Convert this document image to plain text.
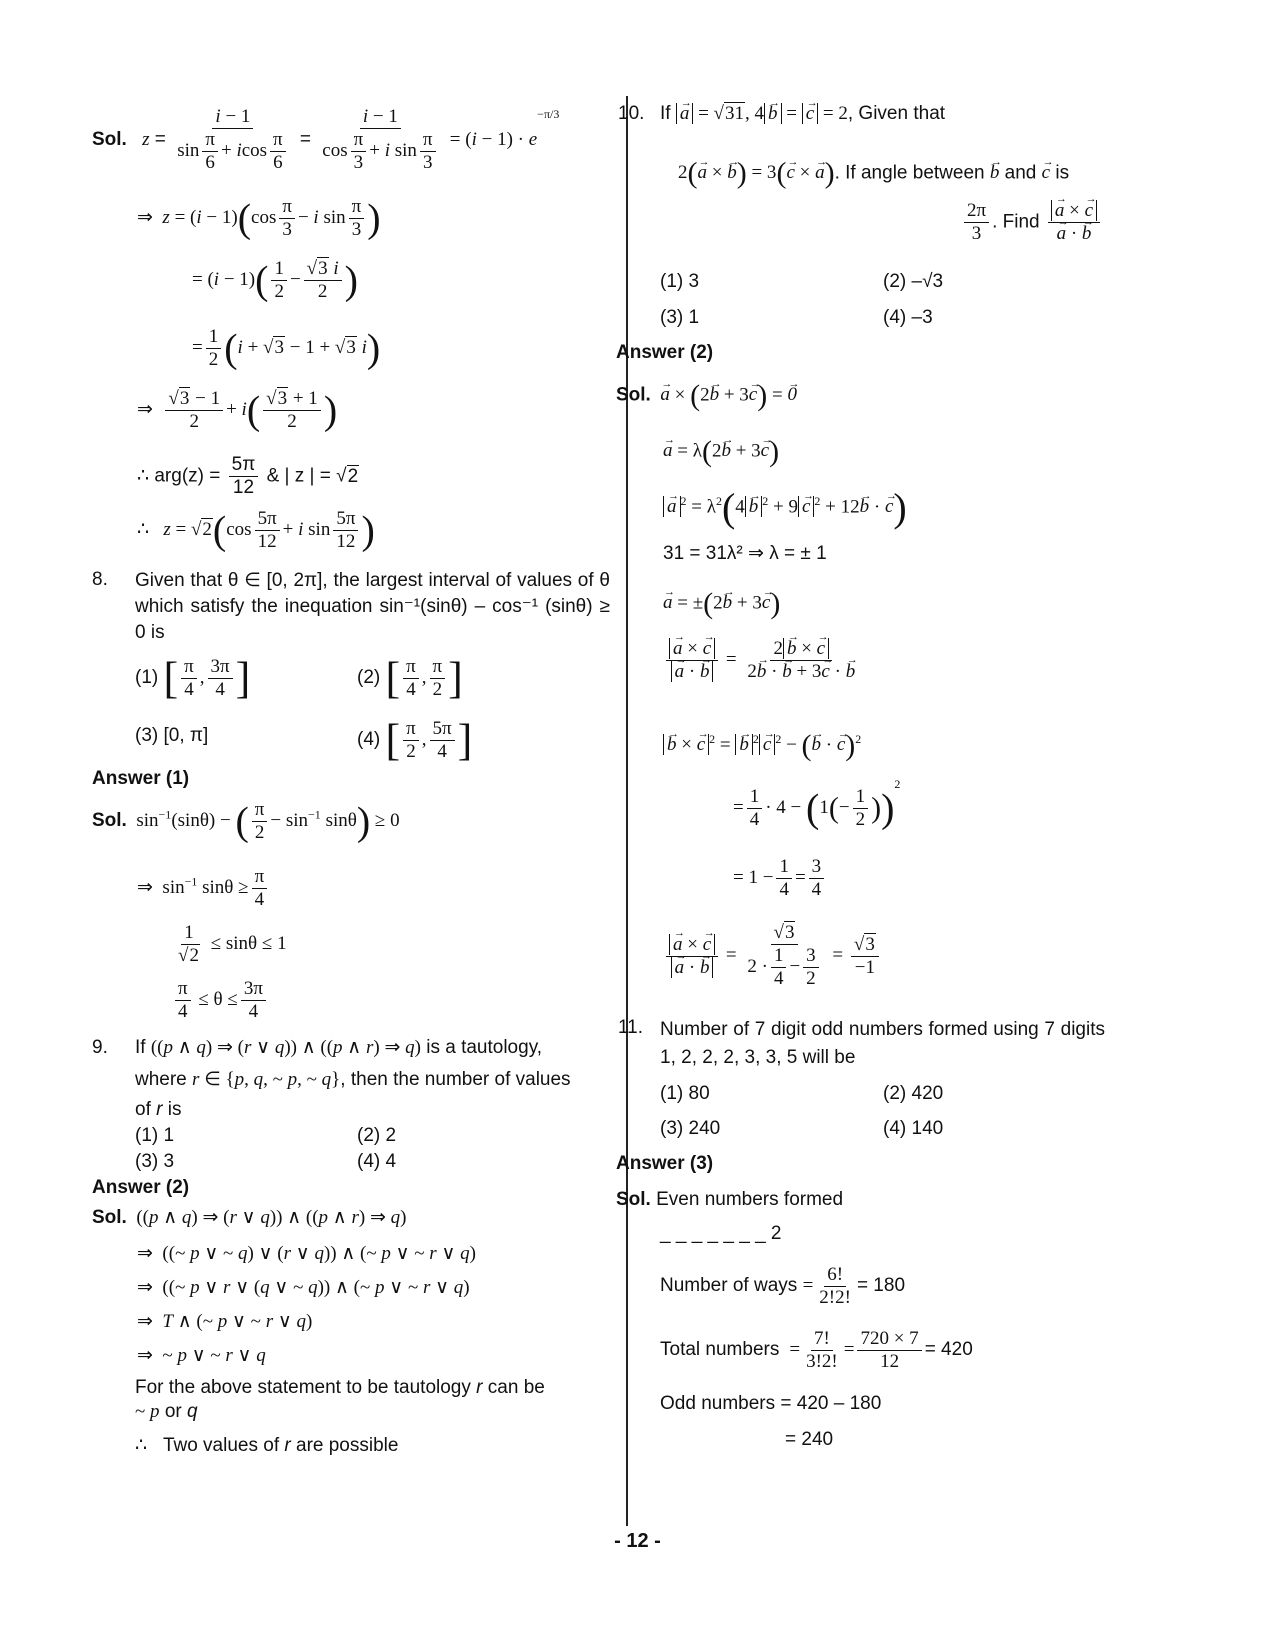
Sol. $z = \frac{i - 1}{\sin \frac{\pi}{6} + icos \frac{\pi}{6}} = \frac{i - 1}{\cos \frac{\pi}{3} + i \sin \frac{\pi}{3}} = (i - 1) \cdot e^{-\pi/3}$
⇒  $z = (i - 1)(\cos \frac{\pi}{3} - i$ $\sin \frac{\pi}{3}$ )
= $(i - 1)( \frac{1}{2} - \frac{√3 i}{2}$ )
= $\frac{1}{2} (i + √3 - 1 + √3$ i)
⇒ $\frac{√3 - 1}{2} + i( \frac{√3 + 1}{2}$ )
∴ $arg(z) = \frac{5\pi}{12}$ & | z | = √2
∴   $z = √2(\cos \frac{5\pi}{12} + i$ $\sin \frac{5\pi}{12}$ )
8. Given that θ ∈ [0, 2π], the largest interval of values of θ which satisfy the inequation sin⁻¹(sinθ) – cos⁻¹ (sinθ) ≥ 0 is
(1) [ $\frac{\pi}{4}$ , $\frac{3\pi}{4}$ ]	(2) [ $\frac{\pi}{4}$ , $\frac{\pi}{2}$ ]
(3) [0, π]	(4) [ $\frac{\pi}{2}$ , $\frac{5\pi}{4}$ ]
Answer (1)
Sol.  $\sin^{-1}(\sin\theta)$ − ( $\frac{\pi}{2} - \sin^{-1} \sin\theta) \ge 0$
⇒  $\sin^{-1} \sin\theta \ge \frac{\pi}{4}$
$\frac{1}{√2} \le \sin\theta \le 1$
$\frac{\pi}{4} \le \theta \le \frac{3\pi}{4}$
9. If ((p ∧ q) ⇒ (r ∨ q)) ∧ ((p ∧ r) ⇒ q) is a tautology,
where r ∈ {p, q, ~ p, ~ q}, then the number of values
of r is
(1) 1	(2) 2
(3) 3	(4) 4
Answer (2)
Sol.  ((p ∧ q) ⇒ (r ∨ q)) ∧ ((p ∧ r) ⇒ q)
⇒  ((~ p ∨ ~ q) ∨ (r ∨ q)) ∧ (~ p ∨ ~ r ∨ q)
⇒  ((~ p ∨ r ∨ (q ∨ ~ q)) ∧ (~ p ∨ ~ r ∨ q)
⇒  T ∧ (~ p ∨ ~ r ∨ q)
⇒  ~ p ∨ ~ r ∨ q
For the above statement to be tautology r can be
~ p or q
∴   Two values of r are possible
10. If a → = √31, 4 b → = c → = 2, Given that
2(a → × b →) = 3(c → × a →). If angle between b → and c → is
$\frac{2\pi}{3}$ . Find $\frac{a \to \times c \to}{a \to \cdot b}$ →
(1) 3	(2) –√3
(3) 1	(4) –3
Answer (2)
Sol. a → × (2b → + 3c →) = 0 →
a → = λ(2b → + 3c →)
$a \to ^2 = \lambda^2(4$ b → $^2$ + 9 c → $^2$ + 12b → · c →)
31 = 31λ² ⇒ λ = ± 1
a → = ±(2b → + 3c →)
$\frac{a \to \times c \to}{a \to \cdot b}$ → = $\frac{2 b \to \times c \to}{2b \to \cdot b \to + 3c \to \cdot b}$ →
b → × c → $^2$ = b → $^2$ c → $^2$ − (b → · c →)$^2$
= $\frac{1}{4} \cdot 4 - (1(- \frac{1}{2} ))^2$
= $1 - \frac{1}{4} = \frac{3}{4}$
$\frac{a \to \times c \to}{a \to \cdot b}$ → = $\frac{√3}{2 \cdot \frac{1}{4} - \frac{3}{2}} = \frac{√3}{-1}$
11. Number of 7 digit odd numbers formed using 7 digits 1, 2, 2, 2, 3, 3, 5 will be
(1) 80	(2) 420
(3) 240	(4) 140
Answer (3)
Sol. Even numbers formed
_ _ _ _ _ _ _ 2
Number of ways = $\frac{6!}{2!2!} = 180$
Total numbers  = $\frac{7!}{3!2!} = \frac{720 \times 7}{12} = 420$
Odd numbers = 420 – 180
= 240
- 12 -
